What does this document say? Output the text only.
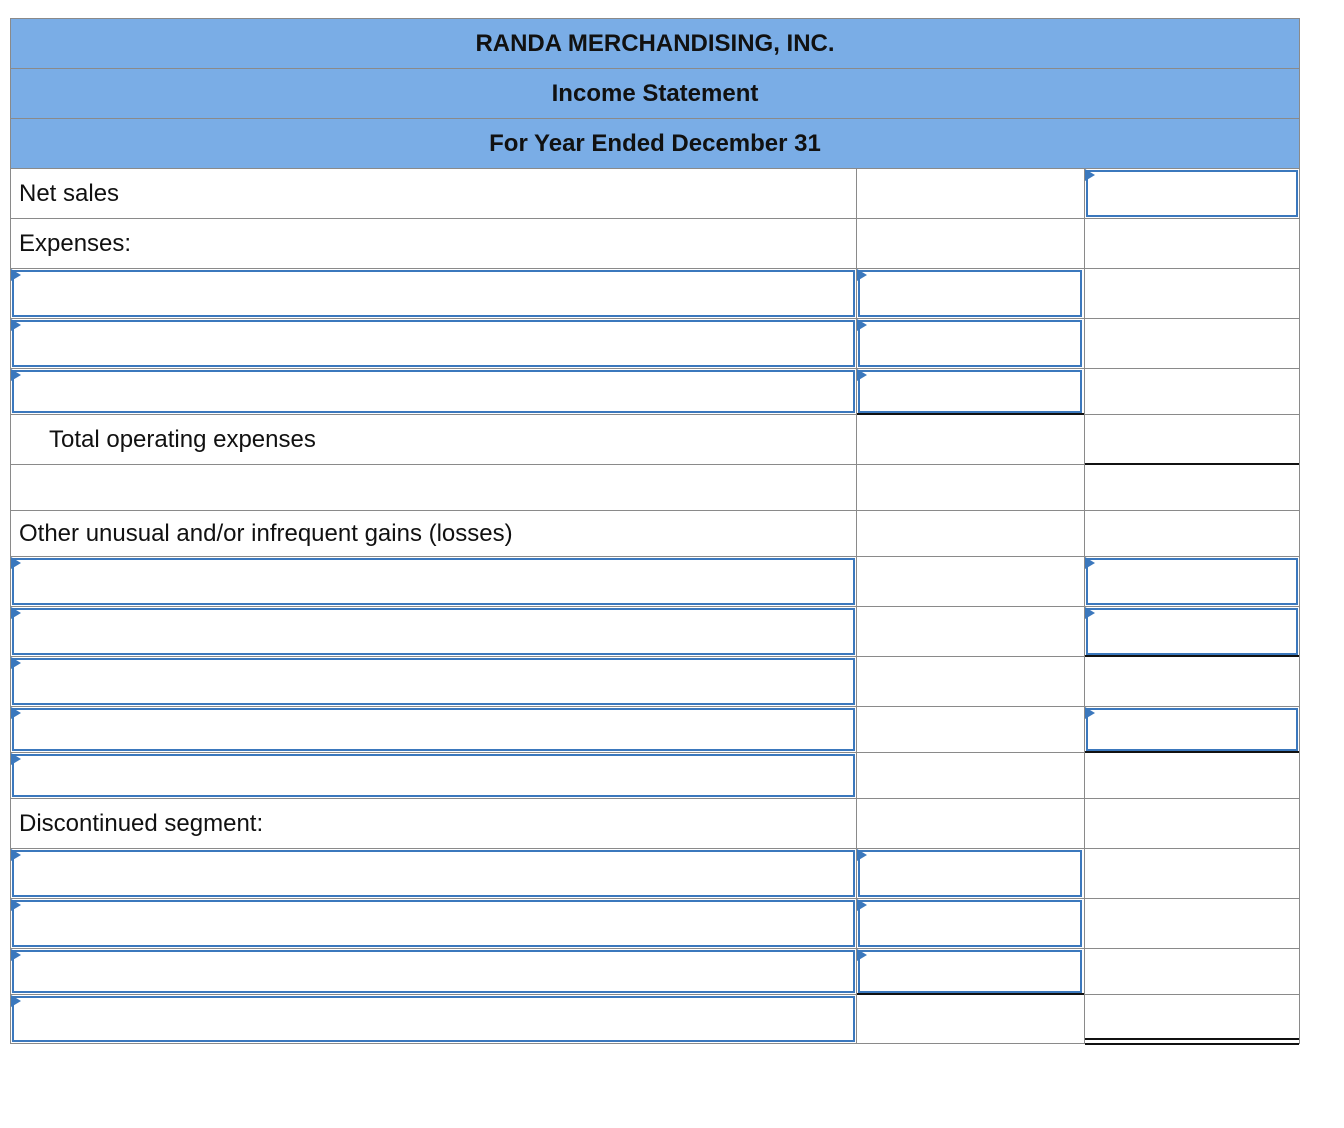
RANDA MERCHANDISING, INC.
Income Statement
For Year Ended December 31
Net sales
Expenses:
Total operating expenses
Other unusual and/or infrequent gains (losses)
Discontinued segment:
